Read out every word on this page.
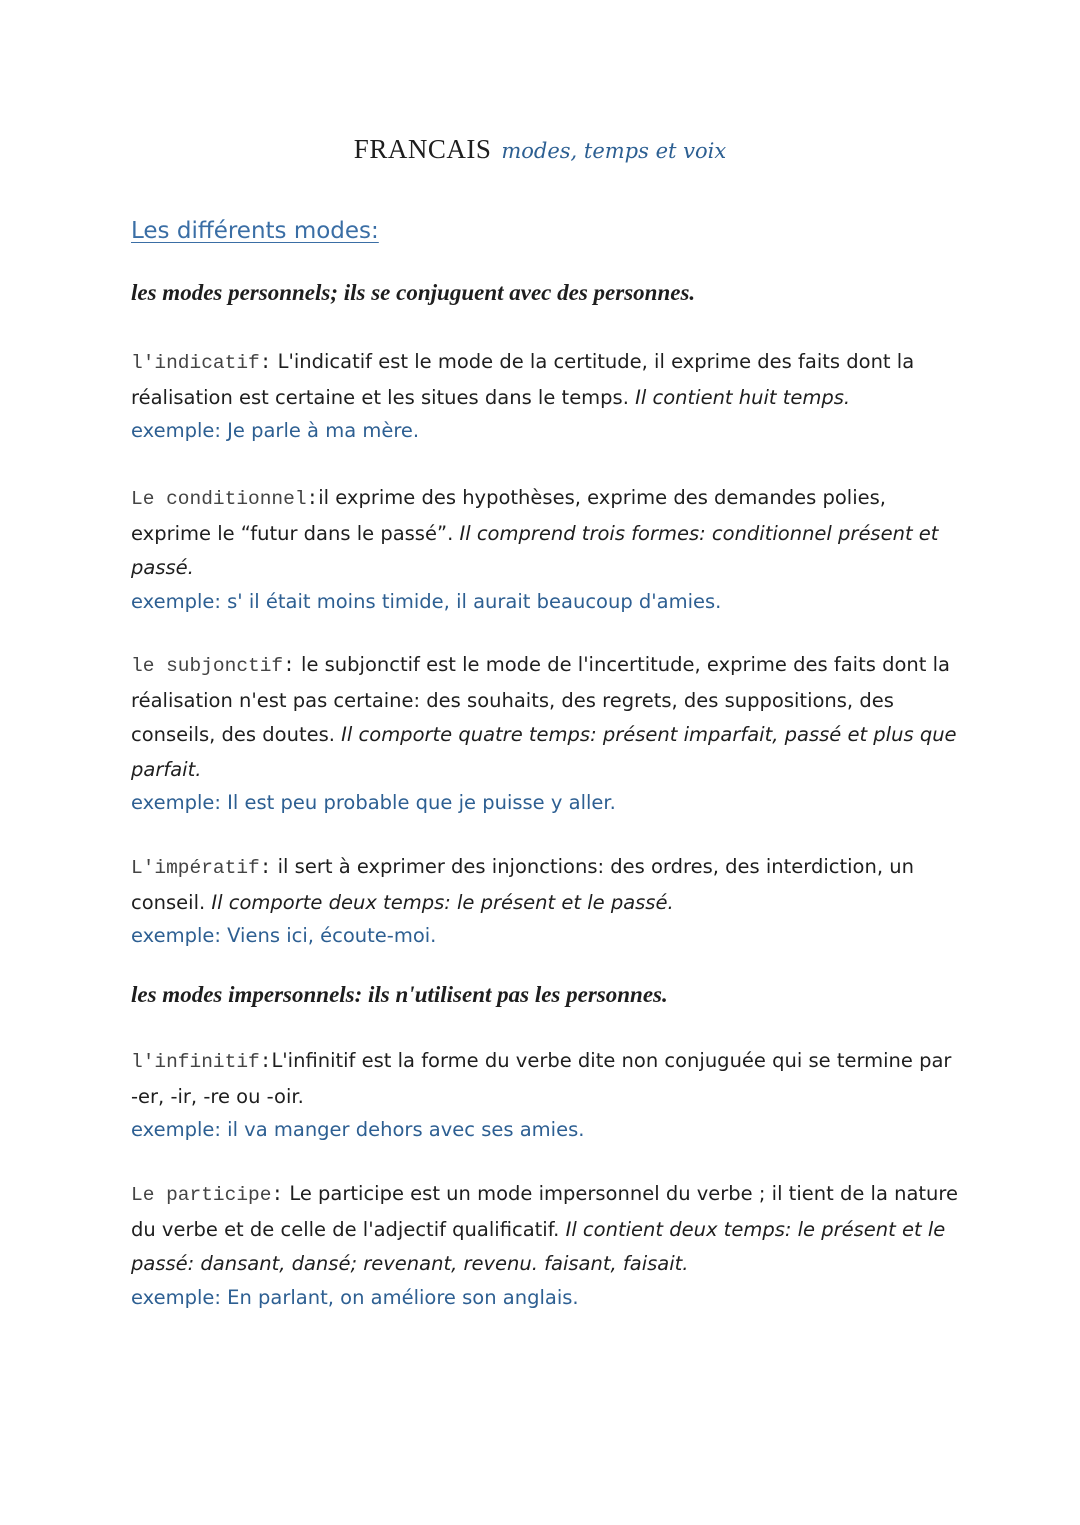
FRANCAIS modes, temps et voix
Les différents modes:
les modes personnels; ils se conjuguent avec des personnes.
l'indicatif: L'indicatif est le mode de la certitude, il exprime des faits dont la réalisation est certaine et les situes dans le temps. Il contient huit temps.
exemple: Je parle à ma mère.
Le conditionnel:il exprime des hypothèses, exprime des demandes polies, exprime le “futur dans le passé”. Il comprend trois formes: conditionnel présent et passé.
exemple: s' il était moins timide, il aurait beaucoup d'amies.
le subjonctif: le subjonctif est le mode de l'incertitude, exprime des faits dont la réalisation n'est pas certaine: des souhaits, des regrets, des suppositions, des conseils, des doutes. Il comporte quatre temps: présent imparfait, passé et plus que parfait.
exemple: Il est peu probable que je puisse y aller.
L'impératif: il sert à exprimer des injonctions: des ordres, des interdiction, un conseil. Il comporte deux temps: le présent et le passé.
exemple: Viens ici, écoute-moi.
les modes impersonnels: ils n'utilisent pas les personnes.
l'infinitif:L'infinitif est la forme du verbe dite non conjuguée qui se termine par -er, -ir, -re ou -oir.
exemple: il va manger dehors avec ses amies.
Le participe: Le participe est un mode impersonnel du verbe ; il tient de la nature du verbe et de celle de l'adjectif qualificatif. Il contient deux temps: le présent et le passé: dansant, dansé; revenant, revenu. faisant, faisait.
exemple: En parlant, on améliore son anglais.
